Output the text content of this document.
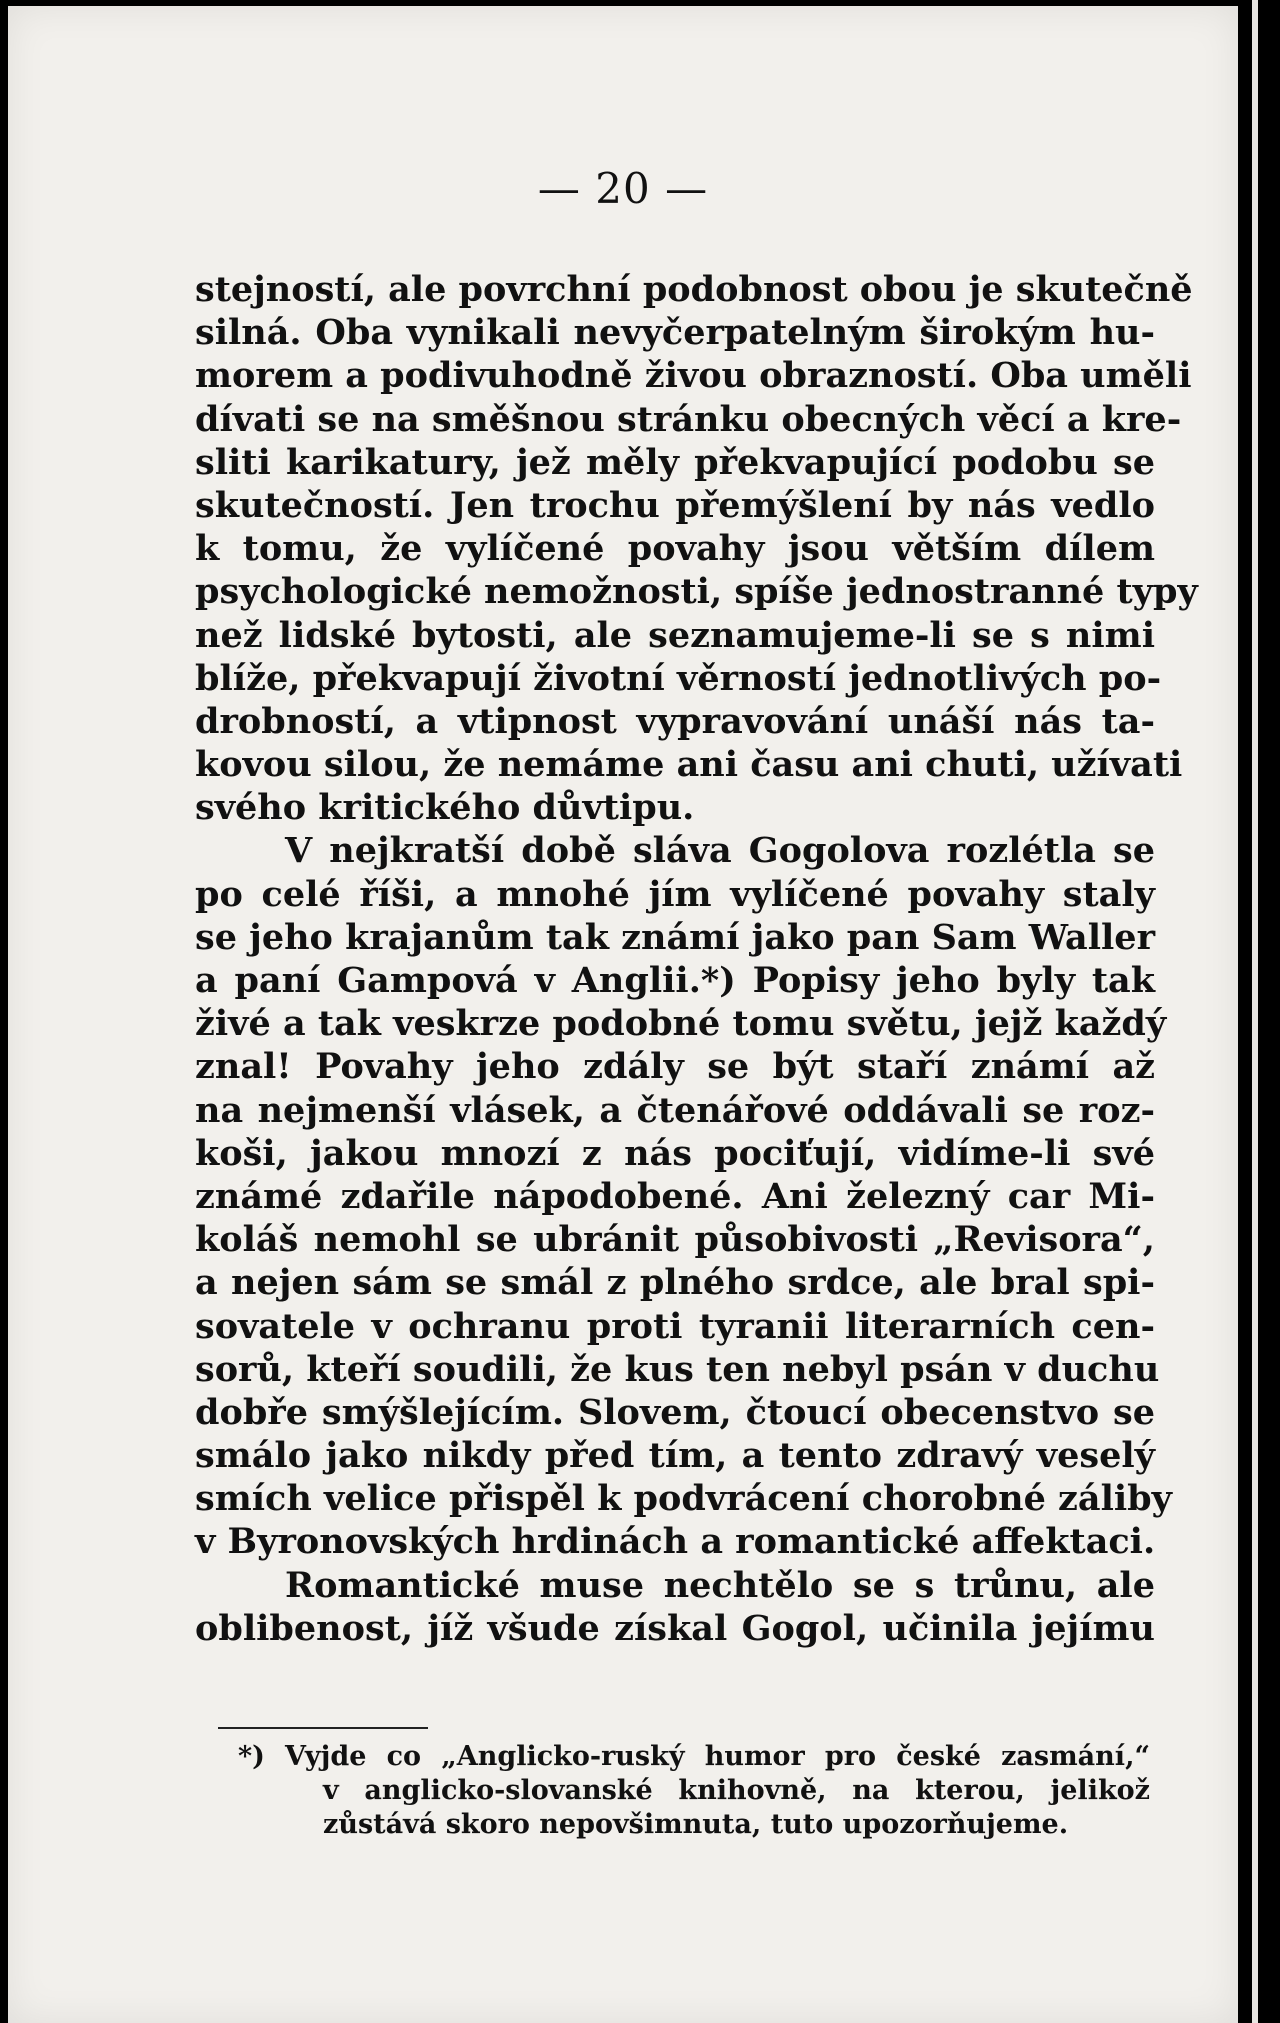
— 20 —
stejností, ale povrchní podobnost obou je skutečně
silná. Oba vynikali nevyčerpatelným širokým hu-
morem a podivuhodně živou obrazností. Oba uměli
dívati se na směšnou stránku obecných věcí a kre-
sliti karikatury, jež měly překvapující podobu se
skutečností. Jen trochu přemýšlení by nás vedlo
k tomu, že vylíčené povahy jsou větším dílem
psychologické nemožnosti, spíše jednostranné typy
než lidské bytosti, ale seznamujeme-li se s nimi
blíže, překvapují životní věrností jednotlivých po-
drobností, a vtipnost vypravování unáší nás ta-
kovou silou, že nemáme ani času ani chuti, užívati
svého kritického důvtipu.
V nejkratší době sláva Gogolova rozlétla se
po celé říši, a mnohé jím vylíčené povahy staly
se jeho krajanům tak známí jako pan Sam Waller
a paní Gampová v Anglii.*) Popisy jeho byly tak
živé a tak veskrze podobné tomu světu, jejž každý
znal! Povahy jeho zdály se být staří známí až
na nejmenší vlásek, a čtenářové oddávali se roz-
koši, jakou mnozí z nás pociťují, vidíme-li své
známé zdařile nápodobené. Ani železný car Mi-
koláš nemohl se ubránit působivosti „Revisora“,
a nejen sám se smál z plného srdce, ale bral spi-
sovatele v ochranu proti tyranii literarních cen-
sorů, kteří soudili, že kus ten nebyl psán v duchu
dobře smýšlejícím. Slovem, čtoucí obecenstvo se
smálo jako nikdy před tím, a tento zdravý veselý
smích velice přispěl k podvrácení chorobné záliby
v Byronovských hrdinách a romantické affektaci.
Romantické muse nechtělo se s trůnu, ale
oblibenost, jíž všude získal Gogol, učinila jejímu
*) Vyjde co „Anglicko-ruský humor pro české zasmání,“
v anglicko-slovanské knihovně, na kterou, jelikož
zůstává skoro nepovšimnuta, tuto upozorňujeme.
